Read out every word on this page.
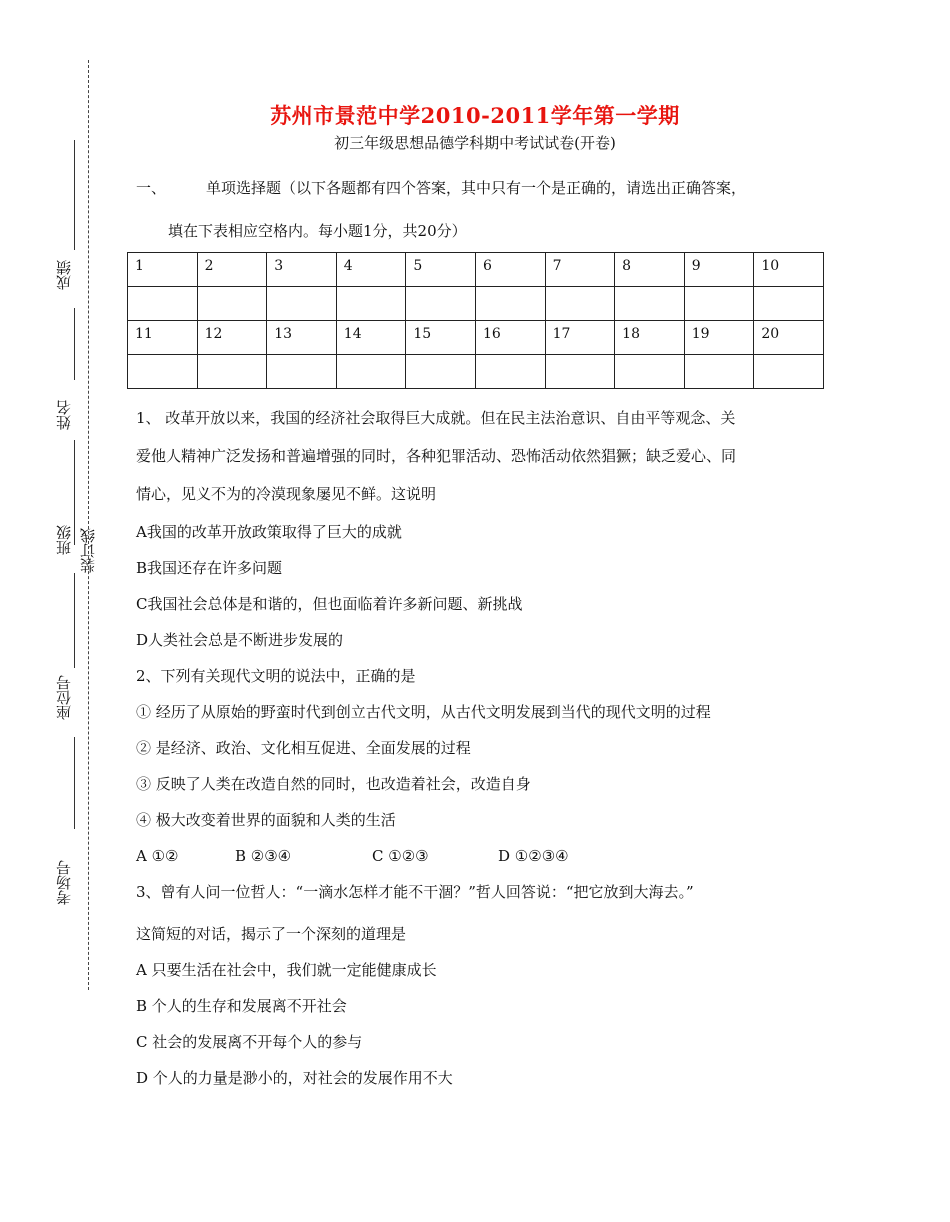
成绩
姓名
班级
座位号
考场号
装订线
苏州市景范中学2010-2011学年第一学期
初三年级思想品德学科期中考试试卷(开卷)
一、	单项选择题（以下各题都有四个答案，其中只有一个是正确的，请选出正确答案，
填在下表相应空格内。每小题1分，共20分）
1	2	3	4	5	6	7	8	9	10

11	12	13	14	15	16	17	18	19	20

1、 改革开放以来，我国的经济社会取得巨大成就。但在民主法治意识、自由平等观念、关
爱他人精神广泛发扬和普遍增强的同时，各种犯罪活动、恐怖活动依然猖獗；缺乏爱心、同
情心，见义不为的冷漠现象屡见不鲜。这说明
A我国的改革开放政策取得了巨大的成就
B我国还存在许多问题
C我国社会总体是和谐的，但也面临着许多新问题、新挑战
D人类社会总是不断进步发展的
2、下列有关现代文明的说法中，正确的是
① 经历了从原始的野蛮时代到创立古代文明，从古代文明发展到当代的现代文明的过程
② 是经济、政治、文化相互促进、全面发展的过程
③ 反映了人类在改造自然的同时，也改造着社会，改造自身
④ 极大改变着世界的面貌和人类的生活
A ①②	B ②③④	C ①②③	D ①②③④
3、曾有人问一位哲人：“一滴水怎样才能不干涸？”哲人回答说：“把它放到大海去。”
这简短的对话，揭示了一个深刻的道理是
A 只要生活在社会中，我们就一定能健康成长
B 个人的生存和发展离不开社会
C 社会的发展离不开每个人的参与
D 个人的力量是渺小的，对社会的发展作用不大
